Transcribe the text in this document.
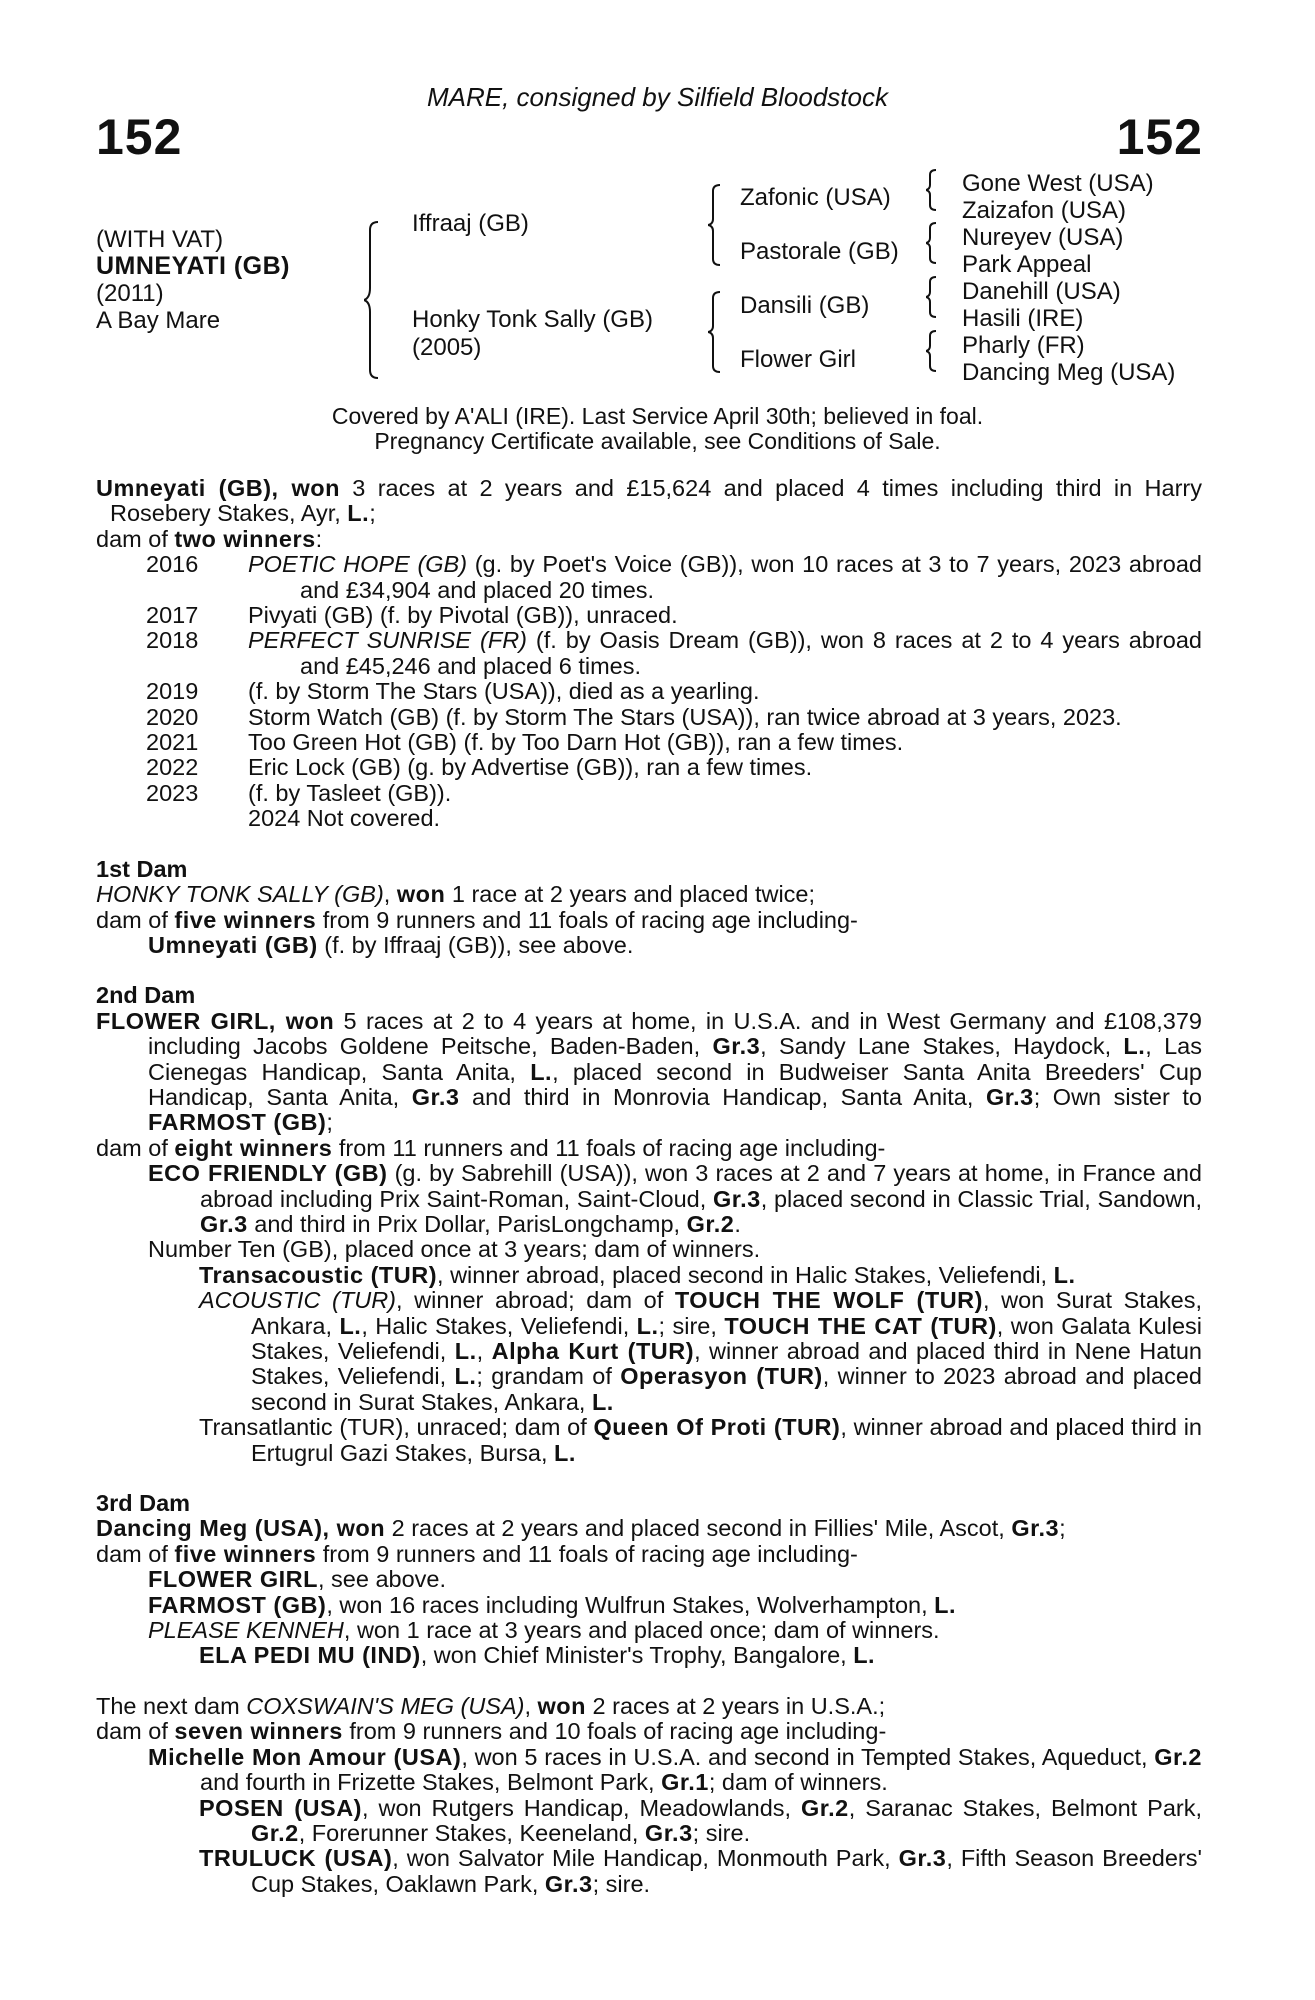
MARE, consigned by Silfield Bloodstock
152	152
(WITH VAT)
UMNEYATI (GB)
(2011)
A Bay Mare
Iffraaj (GB)
Honky Tonk Sally (GB)
(2005)
Zafonic (USA)
Pastorale (GB)
Dansili (GB)
Flower Girl
Gone West (USA)
Zaizafon (USA)
Nureyev (USA)
Park Appeal
Danehill (USA)
Hasili (IRE)
Pharly (FR)
Dancing Meg (USA)
Covered by A'ALI (IRE). Last Service April 30th; believed in foal.
Pregnancy Certificate available, see Conditions of Sale.

Umneyati (GB), won 3 races at 2 years and £15,624 and placed 4 times including third in Harry Rosebery Stakes, Ayr, L.;

dam of two winners:

2016	POETIC HOPE (GB) (g. by Poet's Voice (GB)), won 10 races at 3 to 7 years, 2023 abroad and £34,904 and placed 20 times.
2017	Pivyati (GB) (f. by Pivotal (GB)), unraced.
2018	PERFECT SUNRISE (FR) (f. by Oasis Dream (GB)), won 8 races at 2 to 4 years abroad and £45,246 and placed 6 times.
2019	(f. by Storm The Stars (USA)), died as a yearling.
2020	Storm Watch (GB) (f. by Storm The Stars (USA)), ran twice abroad at 3 years, 2023.
2021	Too Green Hot (GB) (f. by Too Darn Hot (GB)), ran a few times.
2022	Eric Lock (GB) (g. by Advertise (GB)), ran a few times.
2023	(f. by Tasleet (GB)).

2024 Not covered.

1st Dam

HONKY TONK SALLY (GB), won 1 race at 2 years and placed twice;

dam of five winners from 9 runners and 11 foals of racing age including-

Umneyati (GB) (f. by Iffraaj (GB)), see above.

2nd Dam

FLOWER GIRL, won 5 races at 2 to 4 years at home, in U.S.A. and in West Germany and £108,379 including Jacobs Goldene Peitsche, Baden-Baden, Gr.3, Sandy Lane Stakes, Haydock, L., Las Cienegas Handicap, Santa Anita, L., placed second in Budweiser Santa Anita Breeders' Cup Handicap, Santa Anita, Gr.3 and third in Monrovia Handicap, Santa Anita, Gr.3; Own sister to FARMOST (GB);

dam of eight winners from 11 runners and 11 foals of racing age including-

ECO FRIENDLY (GB) (g. by Sabrehill (USA)), won 3 races at 2 and 7 years at home, in France and abroad including Prix Saint-Roman, Saint-Cloud, Gr.3, placed second in Classic Trial, Sandown, Gr.3 and third in Prix Dollar, ParisLongchamp, Gr.2.

Number Ten (GB), placed once at 3 years; dam of winners.

Transacoustic (TUR), winner abroad, placed second in Halic Stakes, Veliefendi, L.

ACOUSTIC (TUR), winner abroad; dam of TOUCH THE WOLF (TUR), won Surat Stakes, Ankara, L., Halic Stakes, Veliefendi, L.; sire, TOUCH THE CAT (TUR), won Galata Kulesi Stakes, Veliefendi, L., Alpha Kurt (TUR), winner abroad and placed third in Nene Hatun Stakes, Veliefendi, L.; grandam of Operasyon (TUR), winner to 2023 abroad and placed second in Surat Stakes, Ankara, L.

Transatlantic (TUR), unraced; dam of Queen Of Proti (TUR), winner abroad and placed third in Ertugrul Gazi Stakes, Bursa, L.

3rd Dam

Dancing Meg (USA), won 2 races at 2 years and placed second in Fillies' Mile, Ascot, Gr.3;

dam of five winners from 9 runners and 11 foals of racing age including-

FLOWER GIRL, see above.

FARMOST (GB), won 16 races including Wulfrun Stakes, Wolverhampton, L.

PLEASE KENNEH, won 1 race at 3 years and placed once; dam of winners.

ELA PEDI MU (IND), won Chief Minister's Trophy, Bangalore, L.

The next dam COXSWAIN'S MEG (USA), won 2 races at 2 years in U.S.A.;

dam of seven winners from 9 runners and 10 foals of racing age including-

Michelle Mon Amour (USA), won 5 races in U.S.A. and second in Tempted Stakes, Aqueduct, Gr.2 and fourth in Frizette Stakes, Belmont Park, Gr.1; dam of winners.

POSEN (USA), won Rutgers Handicap, Meadowlands, Gr.2, Saranac Stakes, Belmont Park, Gr.2, Forerunner Stakes, Keeneland, Gr.3; sire.

TRULUCK (USA), won Salvator Mile Handicap, Monmouth Park, Gr.3, Fifth Season Breeders' Cup Stakes, Oaklawn Park, Gr.3; sire.
